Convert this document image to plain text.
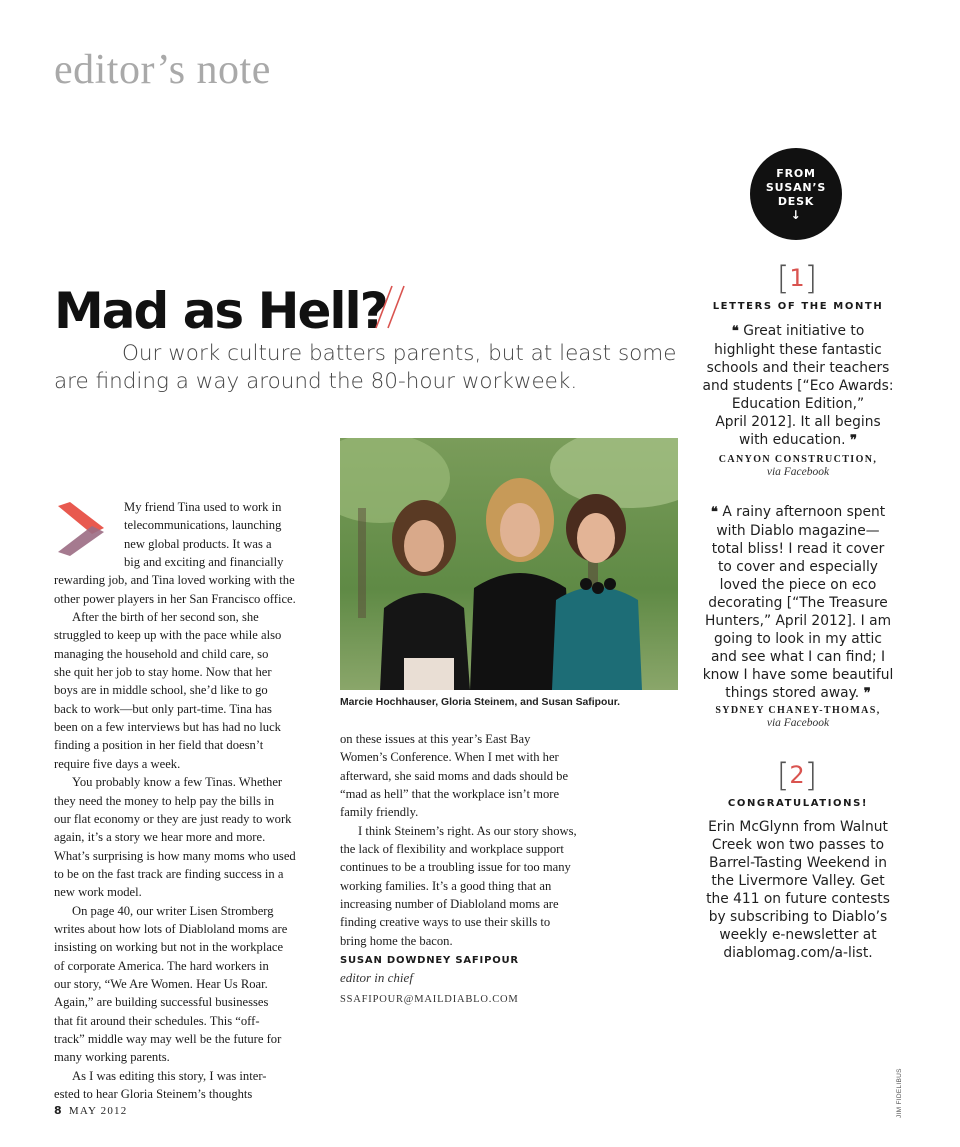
editor’s note
Mad as Hell?
Our work culture batters parents, but at least some
are finding a way around the 80-hour workweek.
My friend Tina used to work in
telecommunications, launching
new global products. It was a
big and exciting and financially
rewarding job, and Tina loved working with the
other power players in her San Francisco office.
After the birth of her second son, she
struggled to keep up with the pace while also
managing the household and child care, so
she quit her job to stay home. Now that her
boys are in middle school, she’d like to go
back to work—but only part-time. Tina has
been on a few interviews but has had no luck
finding a position in her field that doesn’t
require five days a week.
You probably know a few Tinas. Whether
they need the money to help pay the bills in
our flat economy or they are just ready to work
again, it’s a story we hear more and more.
What’s surprising is how many moms who used
to be on the fast track are finding success in a
new work model.
On page 40, our writer Lisen Stromberg
writes about how lots of Diabloland moms are
insisting on working but not in the workplace
of corporate America. The hard workers in
our story, “We Are Women. Hear Us Roar.
Again,” are building successful businesses
that fit around their schedules. This “off-
track” middle way may well be the future for
many working parents.
As I was editing this story, I was inter-
ested to hear Gloria Steinem’s thoughts
Marcie Hochhauser, Gloria Steinem, and Susan Safipour.
on these issues at this year’s East Bay
Women’s Conference. When I met with her
afterward, she said moms and dads should be
“mad as hell” that the workplace isn’t more
family friendly.
I think Steinem’s right. As our story shows,
the lack of flexibility and workplace support
continues to be a troubling issue for too many
working families. It’s a good thing that an
increasing number of Diabloland moms are
finding creative ways to use their skills to
bring home the bacon.
SUSAN DOWDNEY SAFIPOUR
editor in chief
SSAFIPOUR@MAILDIABLO.COM
8 MAY 2012	JIM FIDELIBUS
FROM
SUSAN’S
DESK
↓
[1]
LETTERS OF THE MONTH
❝ Great initiative to
highlight these fantastic
schools and their teachers
and students [“Eco Awards:
Education Edition,”
April 2012]. It all begins
with education. ❞
CANYON CONSTRUCTION,
via Facebook
❝ A rainy afternoon spent
with Diablo magazine—
total bliss! I read it cover
to cover and especially
loved the piece on eco
decorating [“The Treasure
Hunters,” April 2012]. I am
going to look in my attic
and see what I can find; I
know I have some beautiful
things stored away. ❞
SYDNEY CHANEY-THOMAS,
via Facebook
[2]
CONGRATULATIONS!
Erin McGlynn from Walnut
Creek won two passes to
Barrel-Tasting Weekend in
the Livermore Valley. Get
the 411 on future contests
by subscribing to Diablo’s
weekly e-newsletter at
diablomag.com/a-list.
